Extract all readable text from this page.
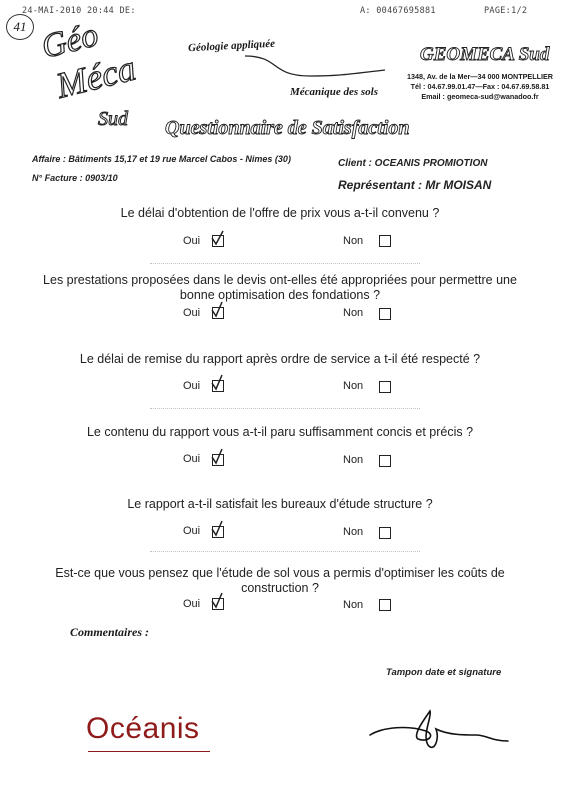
24-MAI-2010 20:44 DE:	A: 00467695881	PAGE:1/2
41 Géo
Méca
Sud
Géologie appliquée
Mécanique des sols
GEOMECA Sud
1348, Av. de la Mer—34 000 MONTPELLIER
Tél : 04.67.99.01.47—Fax : 04.67.69.58.81
Email : geomeca-sud@wanadoo.fr
Questionnaire de Satisfaction
Affaire : Bâtiments 15,17 et 19 rue Marcel Cabos - Nimes (30)
N° Facture : 0903/10
Client : OCEANIS PROMIOTION
Représentant : Mr MOISAN
Le délai d'obtention de l'offre de prix vous a-t-il convenu ?
Oui	Non
Les prestations proposées dans le devis ont-elles été appropriées pour permettre une bonne optimisation des fondations ?
Oui	Non
Le délai de remise du rapport après ordre de service a t-il été respecté ?
Oui	Non
Le contenu du rapport vous a-t-il paru suffisamment concis et précis ?
Oui	Non
Le rapport a-t-il satisfait les bureaux d'étude structure ?
Oui	Non
Est-ce que vous pensez que l'étude de sol vous a permis d'optimiser les coûts de construction ?
Oui	Non
Commentaires :
Tampon date et signature
Océanis
